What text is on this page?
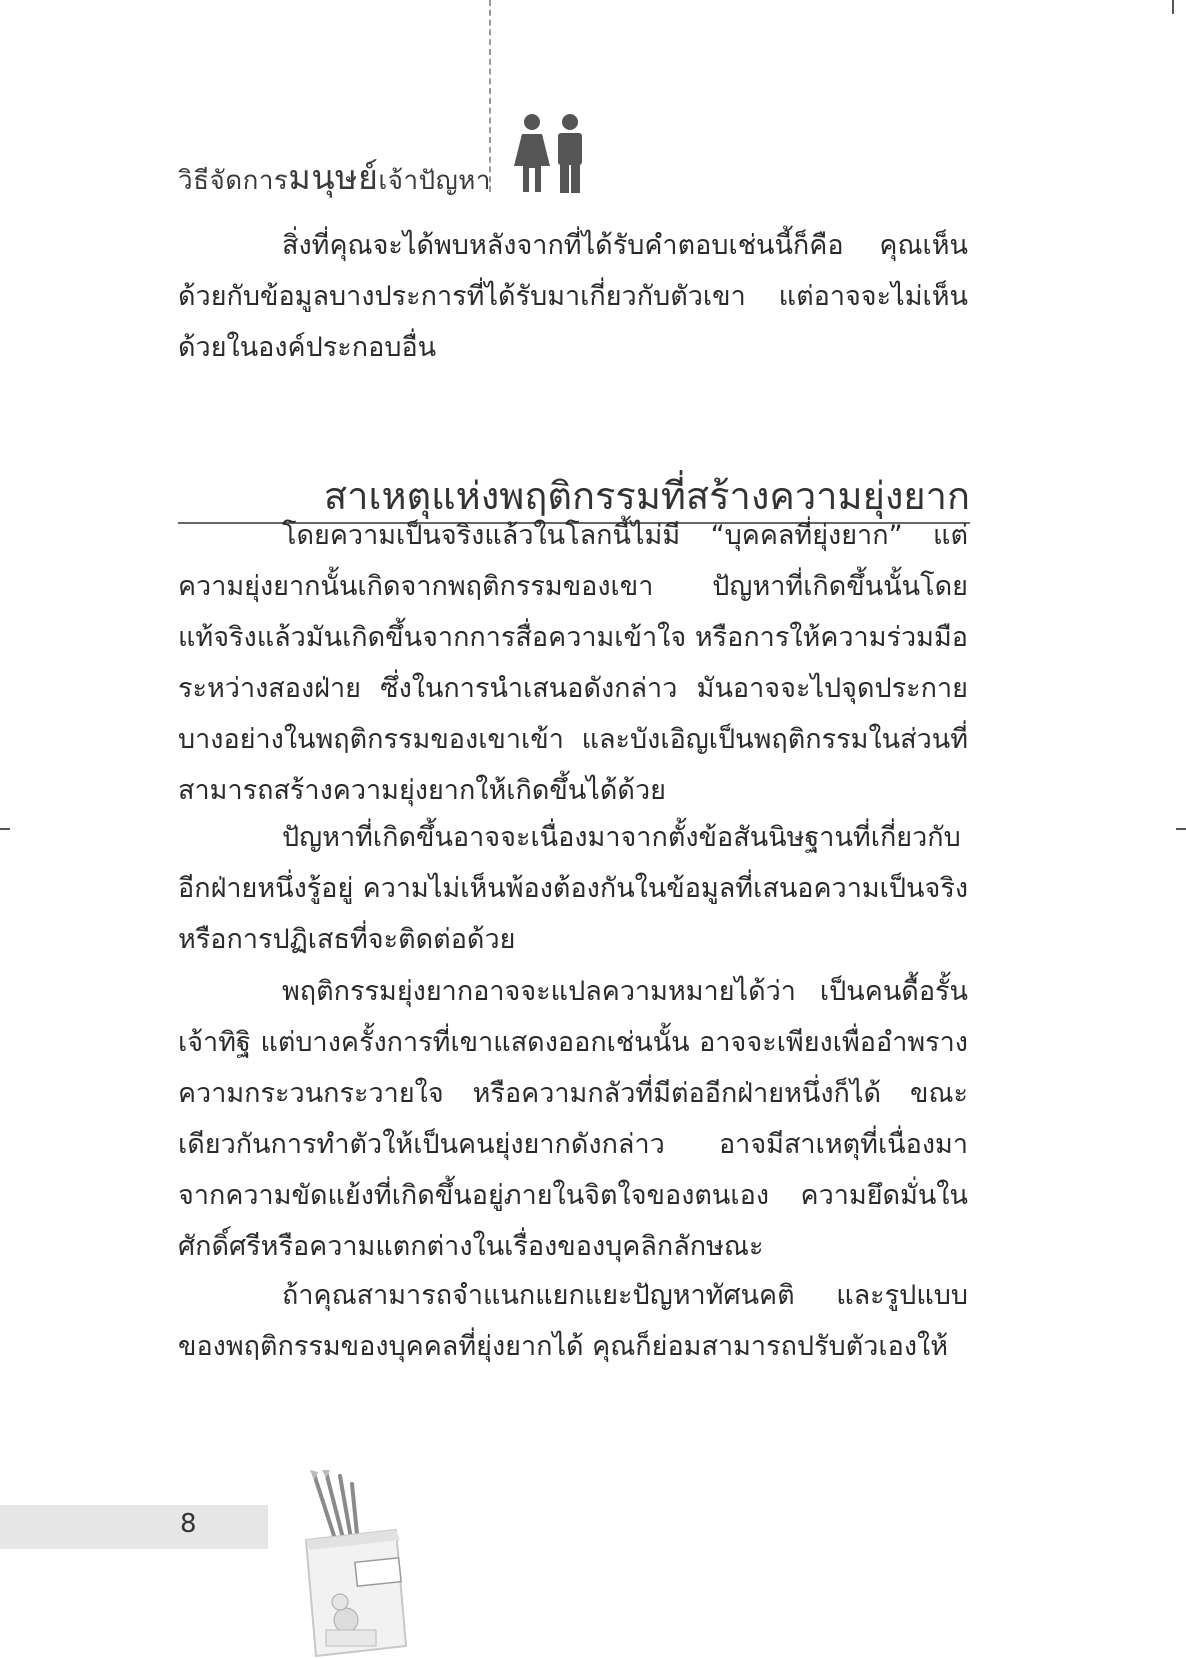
วิธีจัดการมนุษย์เจ้าปัญหา
สิ่งที่คุณจะได้พบหลังจากที่ได้รับคำตอบเช่นนี้ก็คือ คุณเห็นด้วยกับข้อมูลบางประการที่ได้รับมาเกี่ยวกับตัวเขา แต่อาจจะไม่เห็นด้วยในองค์ประกอบอื่น
สาเหตุแห่งพฤติกรรมที่สร้างความยุ่งยาก
โดยความเป็นจริงแล้วในโลกนี้ไม่มี “บุคคลที่ยุ่งยาก” แต่ความยุ่งยากนั้นเกิดจากพฤติกรรมของเขา ปัญหาที่เกิดขึ้นนั้นโดยแท้จริงแล้วมันเกิดขึ้นจากการสื่อความเข้าใจ หรือการให้ความร่วมมือระหว่างสองฝ่าย ซึ่งในการนำเสนอดังกล่าว มันอาจจะไปจุดประกายบางอย่างในพฤติกรรมของเขาเข้า และบังเอิญเป็นพฤติกรรมในส่วนที่สามารถสร้างความยุ่งยากให้เกิดขึ้นได้ด้วย
ปัญหาที่เกิดขึ้นอาจจะเนื่องมาจากตั้งข้อสันนิษฐานที่เกี่ยวกับอีกฝ่ายหนึ่งรู้อยู่ ความไม่เห็นพ้องต้องกันในข้อมูลที่เสนอความเป็นจริง หรือการปฏิเสธที่จะติดต่อด้วย
พฤติกรรมยุ่งยากอาจจะแปลความหมายได้ว่า เป็นคนดื้อรั้นเจ้าทิฐิ แต่บางครั้งการที่เขาแสดงออกเช่นนั้น อาจจะเพียงเพื่ออำพรางความกระวนกระวายใจ หรือความกลัวที่มีต่ออีกฝ่ายหนึ่งก็ได้ ขณะเดียวกันการทำตัวให้เป็นคนยุ่งยากดังกล่าว อาจมีสาเหตุที่เนื่องมาจากความขัดแย้งที่เกิดขึ้นอยู่ภายในจิตใจของตนเอง ความยึดมั่นในศักดิ์ศรีหรือความแตกต่างในเรื่องของบุคลิกลักษณะ
ถ้าคุณสามารถจำแนกแยกแยะปัญหาทัศนคติ และรูปแบบของพฤติกรรมของบุคคลที่ยุ่งยากได้ คุณก็ย่อมสามารถปรับตัวเองให้
8
